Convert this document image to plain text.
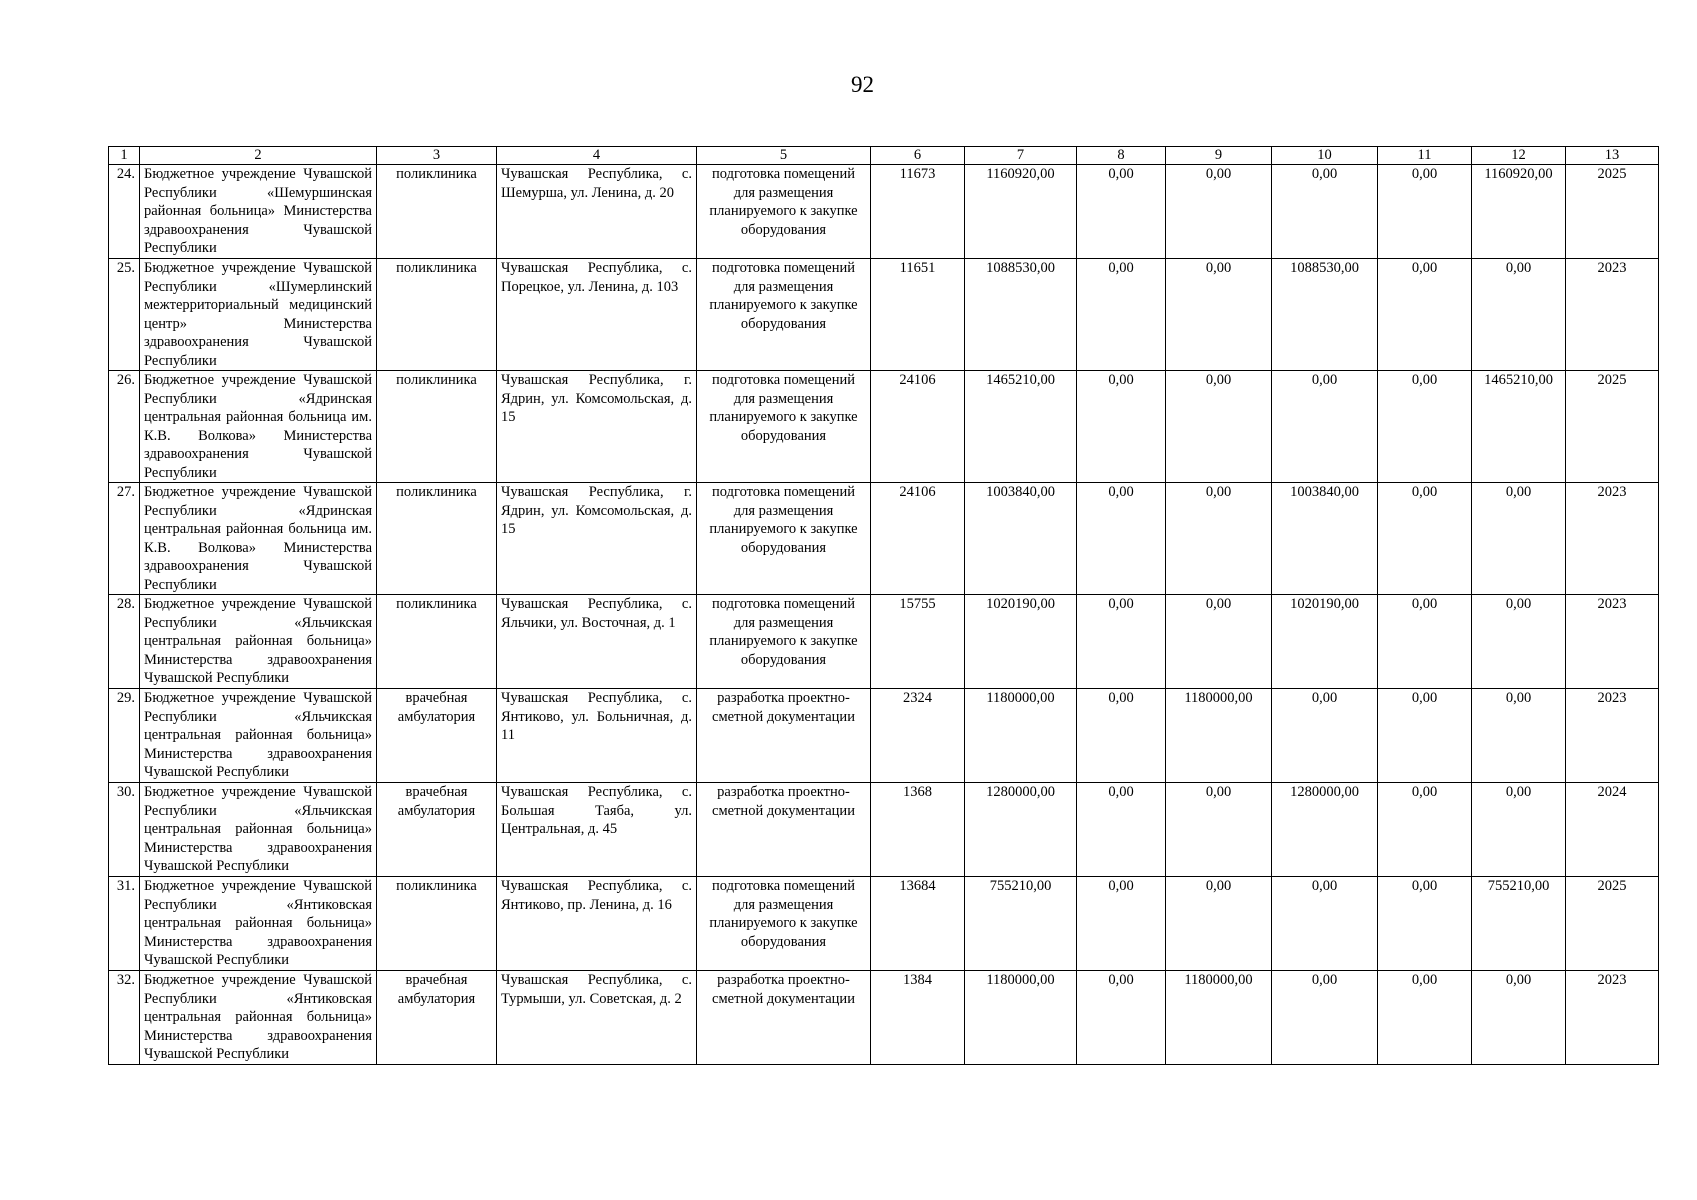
92
1	2	3	4	5	6	7	8	9	10	11	12	13
24.	Бюджетное учреждение Чувашской Республики «Шемуршинская районная больница» Министерства здравоохранения Чувашской Республики	поликлиника	Чувашская Республика, с. Шемурша, ул. Ленина, д. 20	подготовка помещений для размещения планируемого к закупке оборудования	11673	1160920,00	0,00	0,00	0,00	0,00	1160920,00	2025
25.	Бюджетное учреждение Чувашской Республики «Шумерлинский межтерриториальный медицинский центр» Министерства здравоохранения Чувашской Республики	поликлиника	Чувашская Республика, с. Порецкое, ул. Ленина, д. 103	подготовка помещений для размещения планируемого к закупке оборудования	11651	1088530,00	0,00	0,00	1088530,00	0,00	0,00	2023
26.	Бюджетное учреждение Чувашской Республики «Ядринская центральная районная больница им. К.В. Волкова» Министерства здравоохранения Чувашской Республики	поликлиника	Чувашская Республика, г. Ядрин, ул. Комсомольская, д. 15	подготовка помещений для размещения планируемого к закупке оборудования	24106	1465210,00	0,00	0,00	0,00	0,00	1465210,00	2025
27.	Бюджетное учреждение Чувашской Республики «Ядринская центральная районная больница им. К.В. Волкова» Министерства здравоохранения Чувашской Республики	поликлиника	Чувашская Республика, г. Ядрин, ул. Комсомольская, д. 15	подготовка помещений для размещения планируемого к закупке оборудования	24106	1003840,00	0,00	0,00	1003840,00	0,00	0,00	2023
28.	Бюджетное учреждение Чувашской Республики «Яльчикская центральная районная больница» Министерства здравоохранения Чувашской Республики	поликлиника	Чувашская Республика, с. Яльчики, ул. Восточная, д. 1	подготовка помещений для размещения планируемого к закупке оборудования	15755	1020190,00	0,00	0,00	1020190,00	0,00	0,00	2023
29.	Бюджетное учреждение Чувашской Республики «Яльчикская центральная районная больница» Министерства здравоохранения Чувашской Республики	врачебная амбулатория	Чувашская Республика, с. Янтиково, ул. Больничная, д. 11	разработка проектно-сметной документации	2324	1180000,00	0,00	1180000,00	0,00	0,00	0,00	2023
30.	Бюджетное учреждение Чувашской Республики «Яльчикская центральная районная больница» Министерства здравоохранения Чувашской Республики	врачебная амбулатория	Чувашская Республика, с. Большая Таяба, ул. Центральная, д. 45	разработка проектно-сметной документации	1368	1280000,00	0,00	0,00	1280000,00	0,00	0,00	2024
31.	Бюджетное учреждение Чувашской Республики «Янтиковская центральная районная больница» Министерства здравоохранения Чувашской Республики	поликлиника	Чувашская Республика, с. Янтиково, пр. Ленина, д. 16	подготовка помещений для размещения планируемого к закупке оборудования	13684	755210,00	0,00	0,00	0,00	0,00	755210,00	2025
32.	Бюджетное учреждение Чувашской Республики «Янтиковская центральная районная больница» Министерства здравоохранения Чувашской Республики	врачебная амбулатория	Чувашская Республика, с. Турмыши, ул. Советская, д. 2	разработка проектно-сметной документации	1384	1180000,00	0,00	1180000,00	0,00	0,00	0,00	2023
